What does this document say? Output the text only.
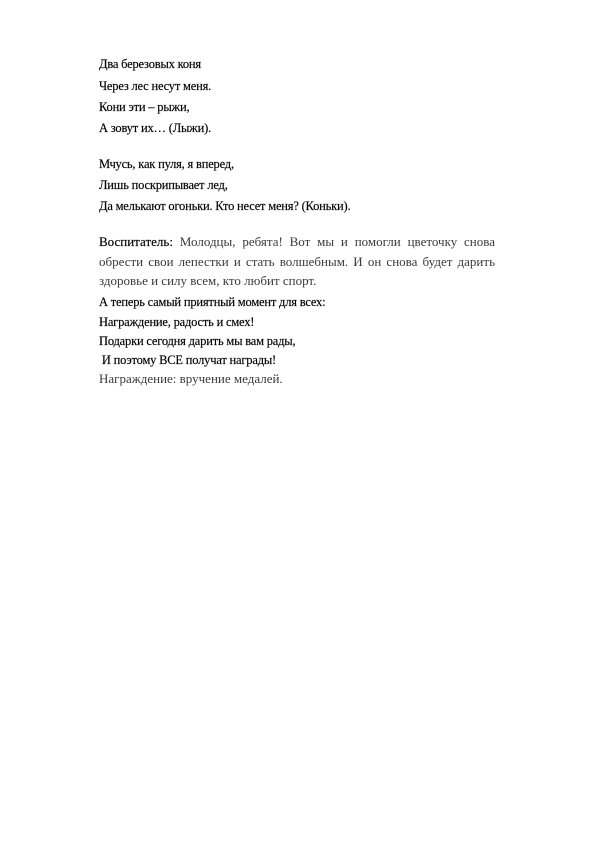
Два березовых коня
Через лес несут меня.
Кони эти – рыжи,
А зовут их… (Лыжи).
Мчусь, как пуля, я вперед,
Лишь поскрипывает лед,
Да мелькают огоньки. Кто несет меня? (Коньки).
Воспитатель: Молодцы, ребята! Вот мы и помогли цветочку снова обрести свои лепестки и стать волшебным. И он снова будет дарить здоровье и силу всем, кто любит спорт.
А теперь самый приятный момент для всех:
Награждение, радость и смех!
Подарки сегодня дарить мы вам рады,
И поэтому ВСЕ получат награды!
Награждение: вручение медалей.
